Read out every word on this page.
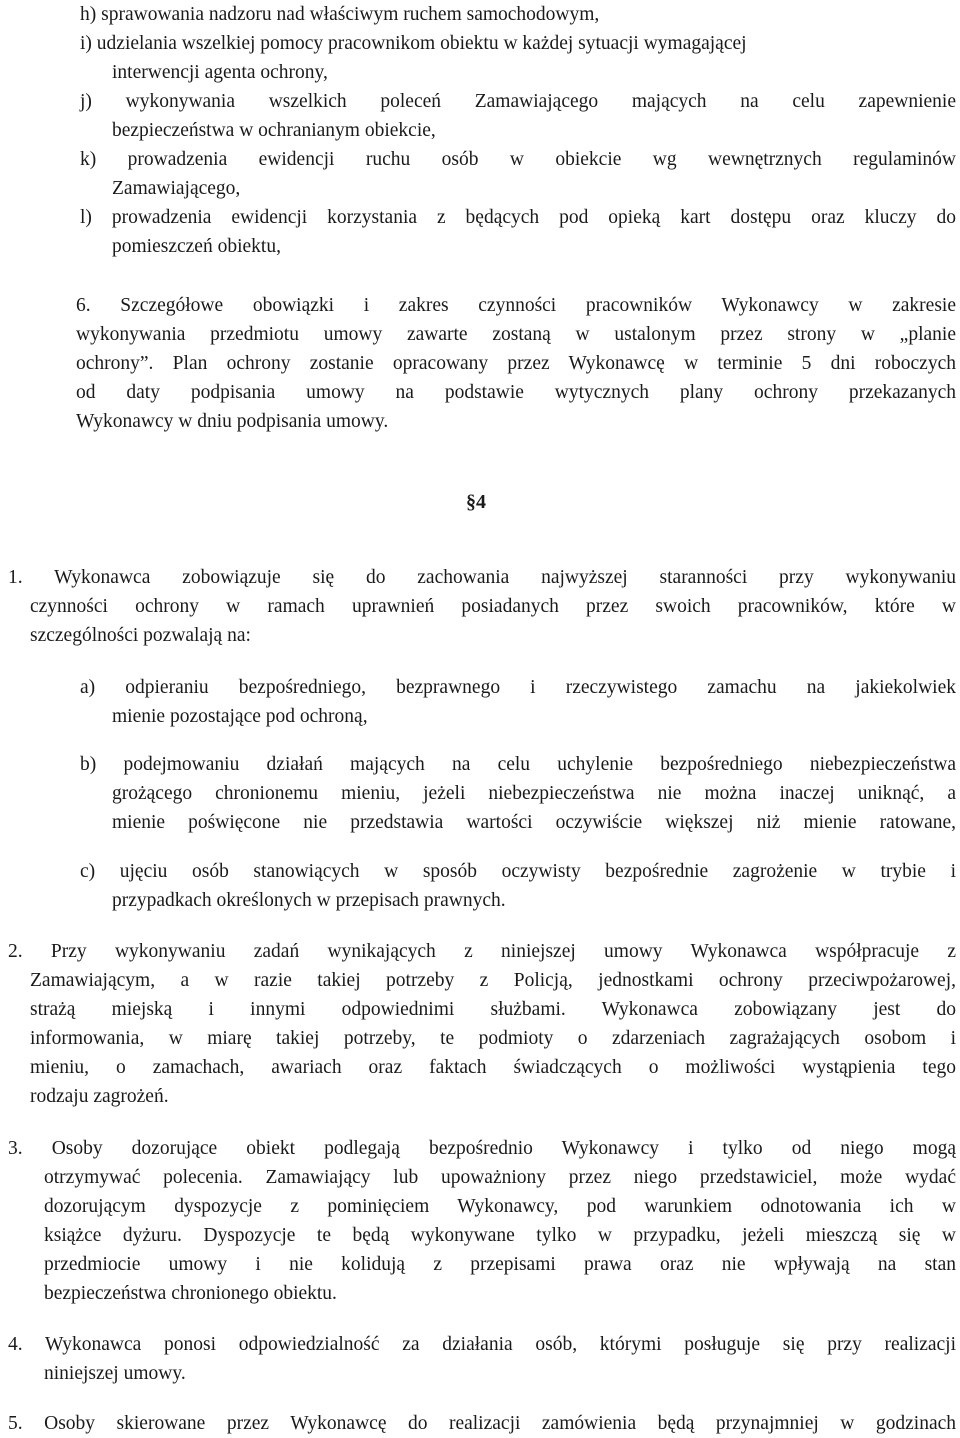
h) sprawowania nadzoru nad właściwym ruchem samochodowym,
i) udzielania wszelkiej pomocy pracownikom obiektu w każdej sytuacji wymagającej
interwencji agenta ochrony,
j) wykonywania wszelkich poleceń Zamawiającego mających na celu zapewnienie
bezpieczeństwa w ochranianym obiekcie,
k) prowadzenia ewidencji ruchu osób w obiekcie wg wewnętrznych regulaminów
Zamawiającego,
l) prowadzenia ewidencji korzystania z będących pod opieką kart dostępu oraz kluczy do
pomieszczeń obiektu,
6. Szczegółowe obowiązki i zakres czynności pracowników Wykonawcy w zakresie
wykonywania przedmiotu umowy zawarte zostaną w ustalonym przez strony w „planie
ochrony”. Plan ochrony zostanie opracowany przez Wykonawcę w terminie 5 dni roboczych
od daty podpisania umowy na podstawie wytycznych plany ochrony przekazanych
Wykonawcy w dniu podpisania umowy.
1. Wykonawca zobowiązuje się do zachowania najwyższej staranności przy wykonywaniu
czynności ochrony w ramach uprawnień posiadanych przez swoich pracowników, które w
szczególności pozwalają na:
a) odpieraniu bezpośredniego, bezprawnego i rzeczywistego zamachu na jakiekolwiek
mienie pozostające pod ochroną,
b) podejmowaniu działań mających na celu uchylenie bezpośredniego niebezpieczeństwa
grożącego chronionemu mieniu, jeżeli niebezpieczeństwa nie można inaczej uniknąć, a
mienie poświęcone nie przedstawia wartości oczywiście większej niż mienie ratowane,
c) ujęciu osób stanowiących w sposób oczywisty bezpośrednie zagrożenie w trybie i
przypadkach określonych w przepisach prawnych.
2. Przy wykonywaniu zadań wynikających z niniejszej umowy Wykonawca współpracuje z
Zamawiającym, a w razie takiej potrzeby z Policją, jednostkami ochrony przeciwpożarowej,
strażą miejską i innymi odpowiednimi służbami. Wykonawca zobowiązany jest do
informowania, w miarę takiej potrzeby, te podmioty o zdarzeniach zagrażających osobom i
mieniu, o zamachach, awariach oraz faktach świadczących o możliwości wystąpienia tego
rodzaju zagrożeń.
3. Osoby dozorujące obiekt podlegają bezpośrednio Wykonawcy i tylko od niego mogą
otrzymywać polecenia. Zamawiający lub upoważniony przez niego przedstawiciel, może wydać
dozorującym dyspozycje z pominięciem Wykonawcy, pod warunkiem odnotowania ich w
książce dyżuru. Dyspozycje te będą wykonywane tylko w przypadku, jeżeli mieszczą się w
przedmiocie umowy i nie kolidują z przepisami prawa oraz nie wpływają na stan
bezpieczeństwa chronionego obiektu.
4. Wykonawca ponosi odpowiedzialność za działania osób, którymi posługuje się przy realizacji
niniejszej umowy.
5. Osoby skierowane przez Wykonawcę do realizacji zamówienia będą przynajmniej w godzinach
§4
